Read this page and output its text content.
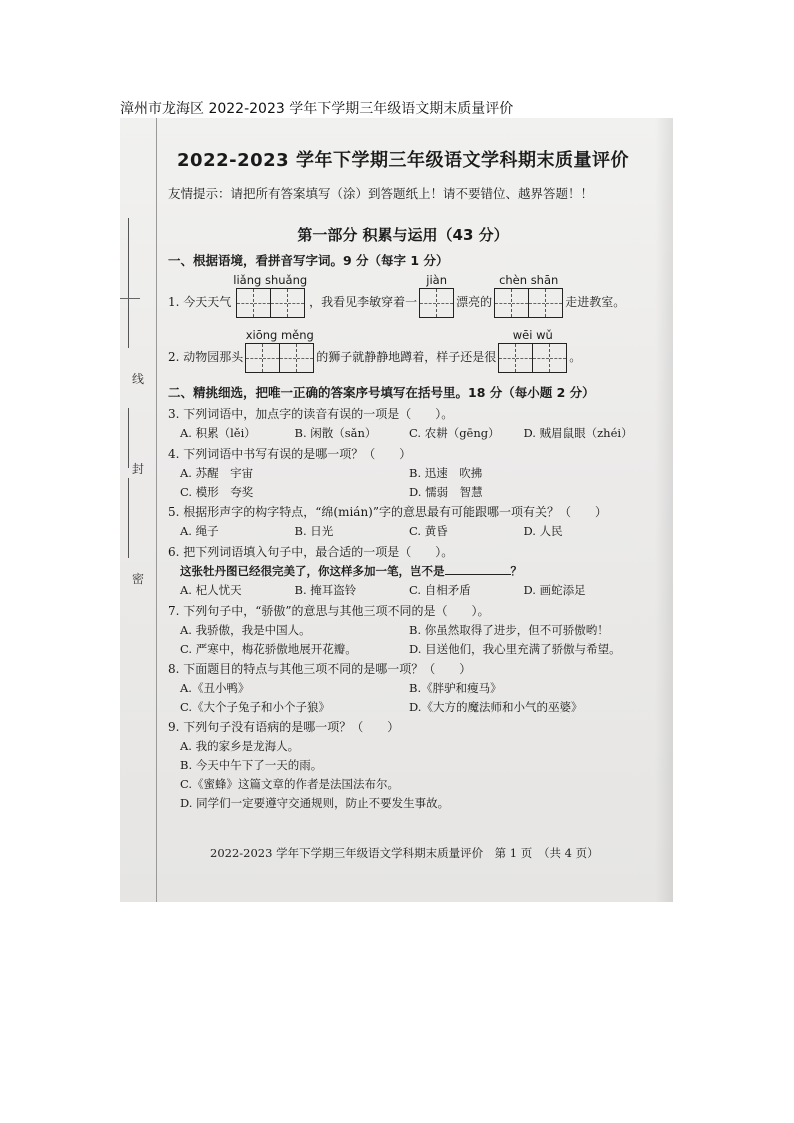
漳州市龙海区 2022-2023 学年下学期三年级语文期末质量评价
线
封
密
2022-2023 学年下学期三年级语文学科期末质量评价
友情提示：请把所有答案填写（涂）到答题纸上！请不要错位、越界答题！！
第一部分 积累与运用（43 分）
一、根据语境，看拼音写字词。9 分（每字 1 分）
1. 今天天气
liǎng shuǎng
，我看见李敏穿着一
jiàn
漂亮的
chèn shān
走进教室。
2. 动物园那头
xiōng měng
的狮子就静静地蹲着，样子还是很
wēi wǔ
。
二、精挑细选，把唯一正确的答案序号填写在括号里。18 分（每小题 2 分）
3. 下列词语中，加点字的读音有误的一项是（　　）。
A. 积累（lěi）	B. 闲散（sǎn）	C. 农耕（gēng）	D. 贼眉鼠眼（zhéi）
4. 下列词语中书写有误的是哪一项？（　　）
A. 苏醒　宇宙	B. 迅速　吹拂
C. 模形　夸奖	D. 懦弱　智慧
5. 根据形声字的构字特点，“绵(mián)”字的意思最有可能跟哪一项有关？（　　）
A. 绳子	B. 日光	C. 黄昏	D. 人民
6. 把下列词语填入句子中，最合适的一项是（　　）。
这张牡丹图已经很完美了，你这样多加一笔，岂不是	？
A. 杞人忧天	B. 掩耳盗铃	C. 自相矛盾	D. 画蛇添足
7. 下列句子中，“骄傲”的意思与其他三项不同的是（　　）。
A. 我骄傲，我是中国人。	B. 你虽然取得了进步，但不可骄傲哟！
C. 严寒中，梅花骄傲地展开花瓣。	D. 目送他们，我心里充满了骄傲与希望。
8. 下面题目的特点与其他三项不同的是哪一项？（　　）
A.《丑小鸭》	B.《胖驴和瘦马》
C.《大个子兔子和小个子狼》	D.《大方的魔法师和小气的巫婆》
9. 下列句子没有语病的是哪一项？（　　）
A. 我的家乡是龙海人。
B. 今天中午下了一天的雨。
C.《蜜蜂》这篇文章的作者是法国法布尔。
D. 同学们一定要遵守交通规则，防止不要发生事故。
2022-2023 学年下学期三年级语文学科期末质量评价　第 1 页　（共 4 页）
